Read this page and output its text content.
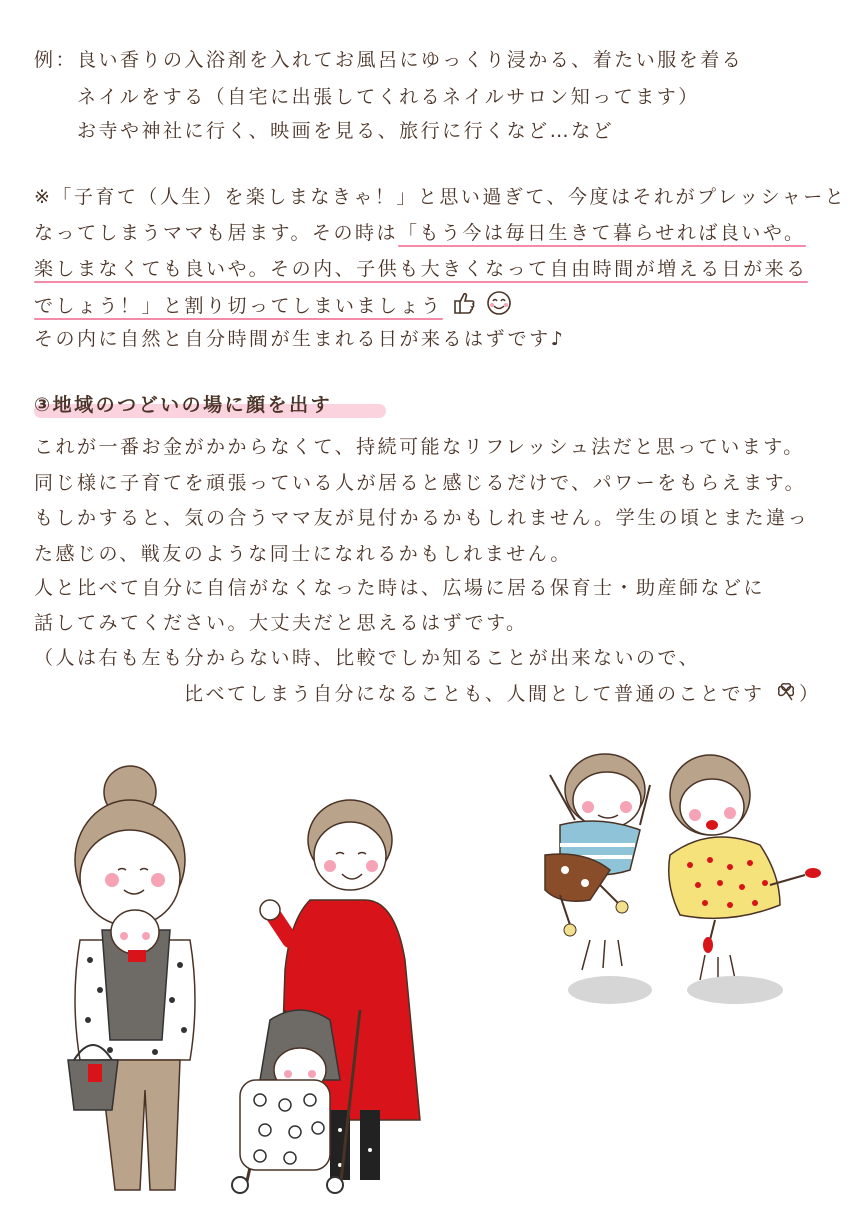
例：良い香りの入浴剤を入れてお風呂にゆっくり浸かる、着たい服を着る
ネイルをする（自宅に出張してくれるネイルサロン知ってます）
お寺や神社に行く、映画を見る、旅行に行くなど…など
※「子育て（人生）を楽しまなきゃ！」と思い過ぎて、今度はそれがプレッシャーと
なってしまうママも居ます。その時は「もう今は毎日生きて暮らせれば良いや。
楽しまなくても良いや。その内、子供も大きくなって自由時間が増える日が来る
でしょう！」と割り切ってしまいましょう
その内に自然と自分時間が生まれる日が来るはずです♪
③地域のつどいの場に顔を出す
これが一番お金がかからなくて、持続可能なリフレッシュ法だと思っています。
同じ様に子育てを頑張っている人が居ると感じるだけで、パワーをもらえます。
もしかすると、気の合うママ友が見付かるかもしれません。学生の頃とまた違っ
た感じの、戦友のような同士になれるかもしれません。
人と比べて自分に自信がなくなった時は、広場に居る保育士・助産師などに
話してみてください。大丈夫だと思えるはずです。
（人は右も左も分からない時、比較でしか知ることが出来ないので、
比べてしまう自分になることも、人間として普通のことです ）
